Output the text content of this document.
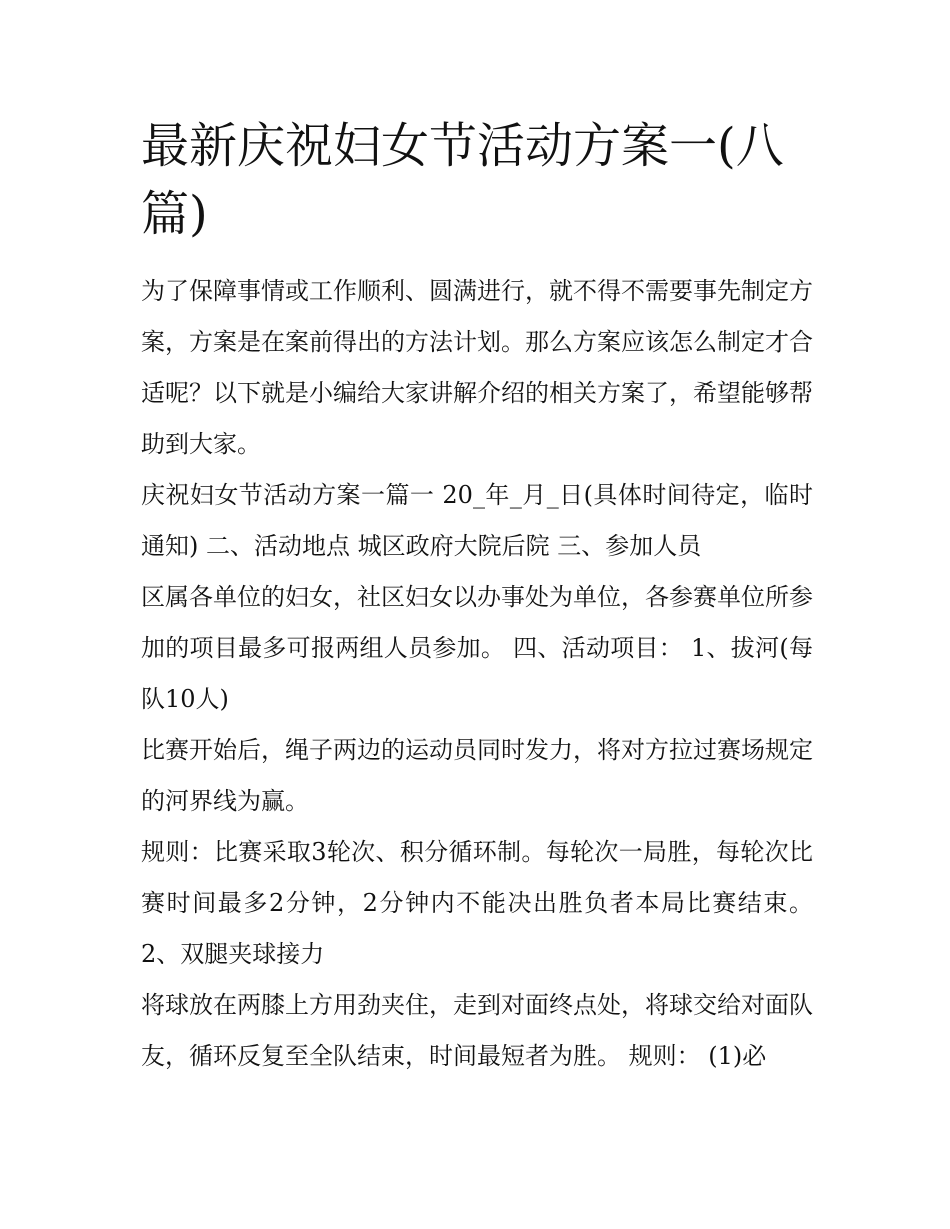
最新庆祝妇女节活动方案一(八篇)

为了保障事情或工作顺利、圆满进行，就不得不需要事先制定方案，方案是在案前得出的方法计划。那么方案应该怎么制定才合适呢？以下就是小编给大家讲解介绍的相关方案了，希望能够帮助到大家。

庆祝妇女节活动方案一篇一 20_年_月_日(具体时间待定，临时通知) 二、活动地点 城区政府大院后院 三、参加人员

区属各单位的妇女，社区妇女以办事处为单位，各参赛单位所参加的项目最多可报两组人员参加。 四、活动项目： 1、拔河(每队10人)

比赛开始后，绳子两边的运动员同时发力，将对方拉过赛场规定的河界线为赢。

规则：比赛采取3轮次、积分循环制。每轮次一局胜，每轮次比赛时间最多2分钟，2分钟内不能决出胜负者本局比赛结束。 2、双腿夹球接力

将球放在两膝上方用劲夹住，走到对面终点处，将球交给对面队友，循环反复至全队结束，时间最短者为胜。 规则： (1)必
